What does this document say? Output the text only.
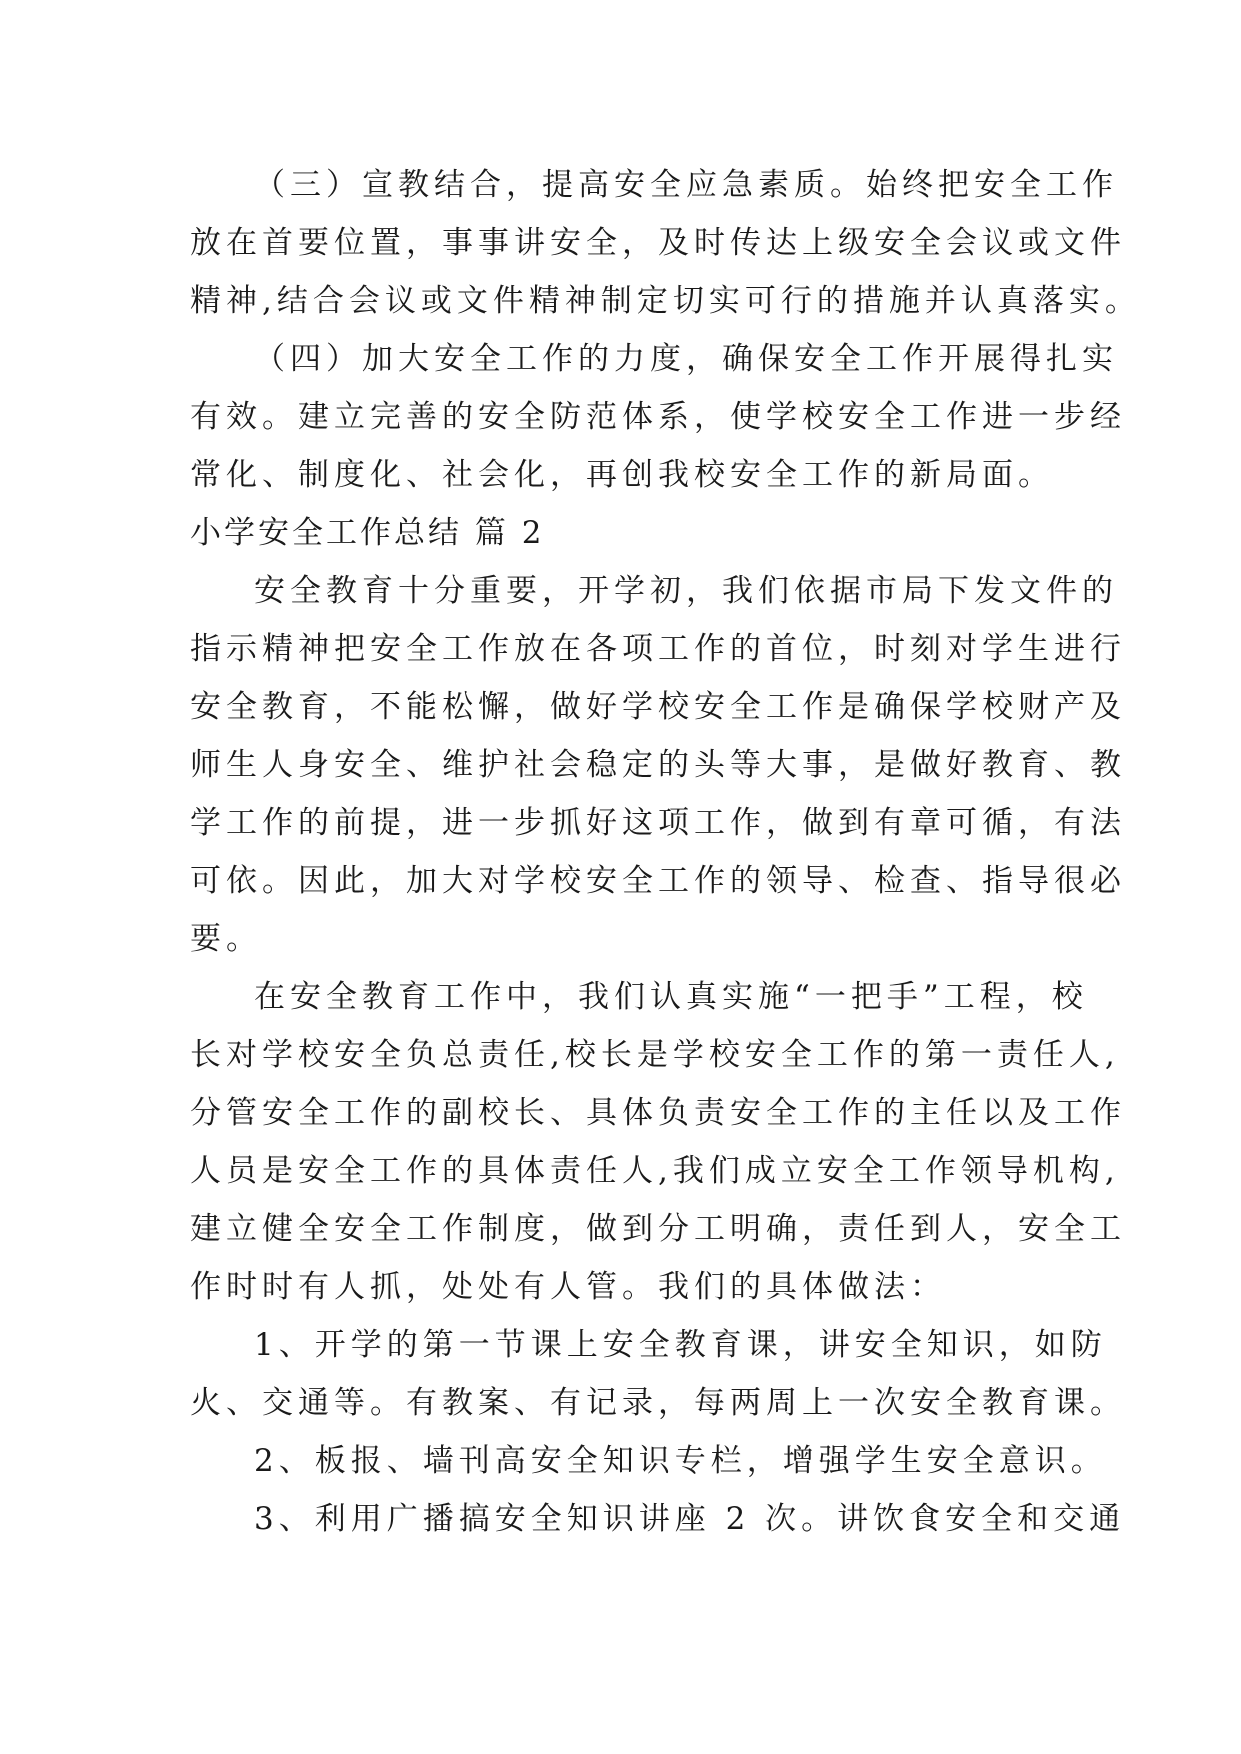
（三）宣教结合，提高安全应急素质。始终把安全工作
放在首要位置，事事讲安全，及时传达上级安全会议或文件
精神,结合会议或文件精神制定切实可行的措施并认真落实。
（四）加大安全工作的力度，确保安全工作开展得扎实
有效。建立完善的安全防范体系，使学校安全工作进一步经
常化、制度化、社会化，再创我校安全工作的新局面。
小学安全工作总结 篇 2
安全教育十分重要，开学初，我们依据市局下发文件的
指示精神把安全工作放在各项工作的首位，时刻对学生进行
安全教育，不能松懈，做好学校安全工作是确保学校财产及
师生人身安全、维护社会稳定的头等大事，是做好教育、教
学工作的前提，进一步抓好这项工作，做到有章可循，有法
可依。因此，加大对学校安全工作的领导、检查、指导很必
要。
在安全教育工作中，我们认真实施“一把手”工程，校
长对学校安全负总责任,校长是学校安全工作的第一责任人,
分管安全工作的副校长、具体负责安全工作的主任以及工作
人员是安全工作的具体责任人,我们成立安全工作领导机构,
建立健全安全工作制度，做到分工明确，责任到人，安全工
作时时有人抓，处处有人管。我们的具体做法：
1、开学的第一节课上安全教育课，讲安全知识，如防
火、交通等。有教案、有记录，每两周上一次安全教育课。
2、板报、墙刊高安全知识专栏，增强学生安全意识。
3、利用广播搞安全知识讲座 2 次。讲饮食安全和交通
